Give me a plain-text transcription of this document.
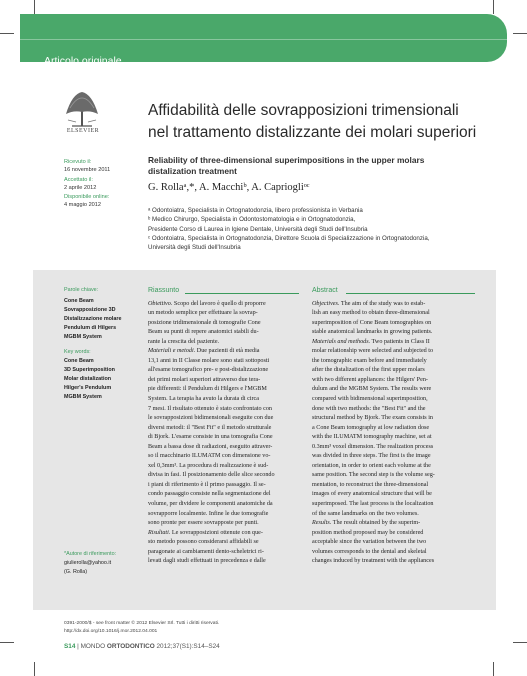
Articolo originale
ELSEVIER
Affidabilità delle sovrapposizioni trimensionali
nel trattamento distalizzante dei molari superiori
Reliability of three-dimensional superimpositions in the upper molars
distalization treatment
G. Rollaᵃ,*, A. Macchiᵇ, A. Capriogliᵒᶜ

ᵃ Odontoiatra, Specialista in Ortognatodonzia, libero professionista in Verbania

ᵇ Medico Chirurgo, Specialista in Odontostomatologia e in Ortognatodonzia,

Presidente Corso di Laurea in Igiene Dentale, Università degli Studi dell'Insubria

ᶜ Odontoiatra, Specialista in Ortognatodonzia, Direttore Scuola di Specializzazione in Ortognatodonzia,

Università degli Studi dell'Insubria

Ricevuto il:
16 novembre 2011
Accettato il:
2 aprile 2012
Disponibile online:
4 maggio 2012
Parole chiave:
Cone Beam
Sovrapposizione 3D
Distalizzazione molare
Pendulum di Hilgers
MGBM System
Key words:
Cone Beam
3D Superimposition
Molar distalization
Hilger's Pendulum
MGBM System
*Autore di riferimento:
giulierolla@yahoo.it
(G. Rolla)
Riassunto

Obiettivo. Scopo del lavoro è quello di proporre

un metodo semplice per effettuare la sovrap-

posizione tridimensionale di tomografie Cone

Beam su punti di repere anatomici stabili du-

rante la crescita del paziente.

Materiali e metodi. Due pazienti di età media

13,1 anni in II Classe molare sono stati sottoposti

all'esame tomografico pre- e post-distalizzazione

dei primi molari superiori attraverso due tera-

pie differenti: il Pendulum di Hilgers e l'MGBM

System. La terapia ha avuto la durata di circa

7 mesi. Il risultato ottenuto è stato confrontato con

le sovrapposizioni bidimensionali eseguite con due

diversi metodi: il "Best Fit" e il metodo strutturale

di Bjork. L'esame consiste in una tomografia Cone

Beam a bassa dose di radiazioni, eseguito attraver-

so il macchinario ILUMATM con dimensione vo-

xel 0,3mm³. La procedura di realizzazione è sud-

divisa in fasi. Il posizionamento delle slice secondo

i piani di riferimento è il primo passaggio. Il se-

condo passaggio consiste nella segmentazione del

volume, per dividere le componenti anatomiche da

sovrapporre localmente. Infine le due tomografie

sono pronte per essere sovrapposte per punti.

Risultati. Le sovrapposizioni ottenute con que-

sto metodo possono considerarsi affidabili se

paragonate ai cambiamenti dento-scheletrici ri-

levati dagli studi effettuati in precedenza e dalle

Abstract

Objectives. The aim of the study was to estab-

lish an easy method to obtain three-dimensional

superimposition of Cone Beam tomographies on

stable anatomical landmarks in growing patients.

Materials and methods. Two patients in Class II

molar relationship were selected and subjected to

the tomographic exam before and immediately

after the distalization of the first upper molars

with two different appliances: the Hilgers' Pen-

dulum and the MGBM System. The results were

compared with bidimensional superimposition,

done with two methods: the "Best Fit" and the

structural method by Bjork. The exam consists in

a Cone Beam tomography at low radiation dose

with the ILUMATM tomography machine, set at

0.3mm³ voxel dimension. The realization process

was divided in three steps. The first is the image

orientation, in order to orient each volume at the

same position. The second step is the volume seg-

mentation, to reconstruct the three-dimensional

images of every anatomical structure that will be

superimposed. The last process is the localization

of the same landmarks on the two volumes.

Results. The result obtained by the superim-

position method proposed may be considered

acceptable since the variation between the two

volumes corresponds to the dental and skeletal

changes induced by treatment with the appliances

0391-2000/$ - see front matter © 2012 Elsevier Srl. Tutti i diritti riservati.
http://dx.doi.org/10.1016/j.mor.2012.04.001
S14 | MONDO ORTODONTICO 2012;37(S1):S14–S24
